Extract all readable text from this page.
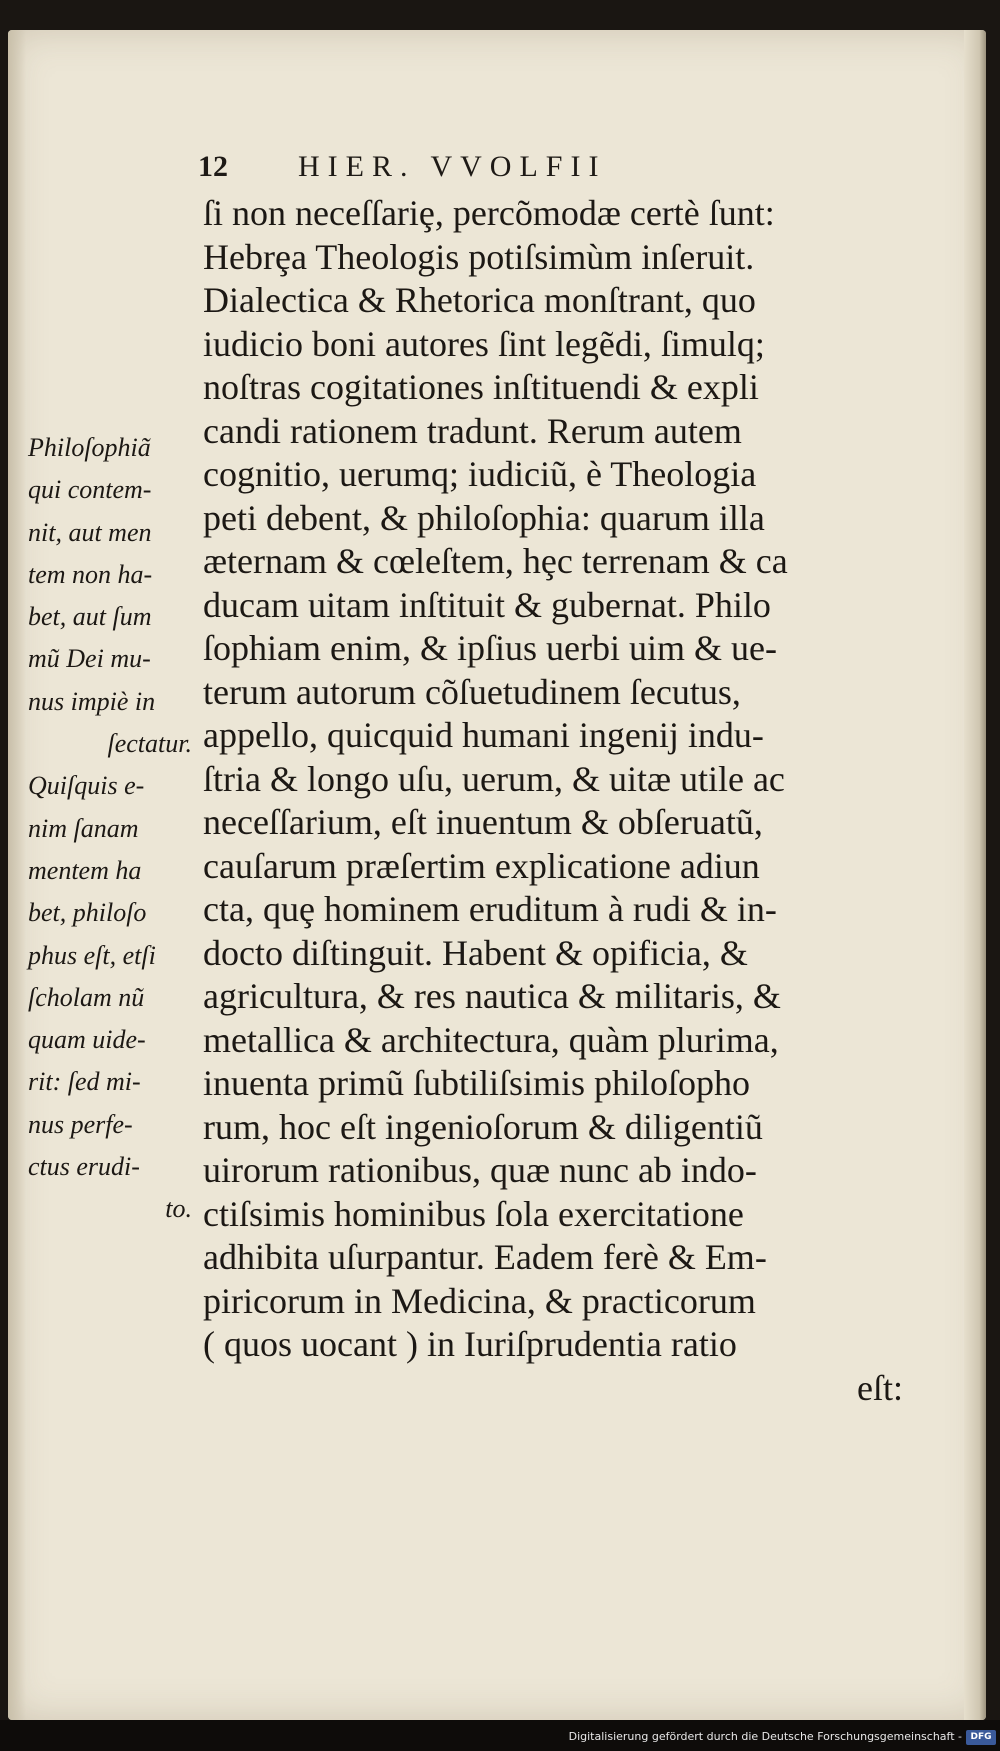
12 HIER. VVOLFII
Philoſophiã
qui contem-
nit, aut men
tem non ha-
bet, aut ſum
mũ Dei mu-
nus impiè in
ſectatur.
Quiſquis e-
nim ſanam
mentem ha
bet, philoſo
phus eſt, etſi
ſcholam nũ
quam uide-
rit: ſed mi-
nus perfe-
ctus erudi-
to.
ſi non neceſſariȩ, percõmodæ certè ſunt:
Hebrȩa Theologis potiſsimùm inſeruit.
Dialectica & Rhetorica monſtrant, quo
iudicio boni autores ſint legẽdi, ſimulq;
noſtras cogitationes inſtituendi & expli
candi rationem tradunt. Rerum autem
cognitio, uerumq; iudiciũ, è Theologia
peti debent, & philoſophia: quarum illa
æternam & cœleſtem, hȩc terrenam & ca
ducam uitam inſtituit & gubernat. Philo
ſophiam enim, & ipſius uerbi uim & ue-
terum autorum cõſuetudinem ſecutus,
appello, quicquid humani ingenij indu-
ſtria & longo uſu, uerum, & uitæ utile ac
neceſſarium, eſt inuentum & obſeruatũ,
cauſarum præſertim explicatione adiun
cta, quȩ hominem eruditum à rudi & in-
docto diſtinguit. Habent & opificia, &
agricultura, & res nautica & militaris, &
metallica & architectura, quàm plurima,
inuenta primũ ſubtiliſsimis philoſopho
rum, hoc eſt ingenioſorum & diligentiũ
uirorum rationibus, quæ nunc ab indo-
ctiſsimis hominibus ſola exercitatione
adhibita uſurpantur. Eadem ferè & Em-
piricorum in Medicina, & practicorum
( quos uocant ) in Iuriſprudentia ratio
eſt:
Digitalisierung gefördert durch die Deutsche Forschungsgemeinschaft - DFG
